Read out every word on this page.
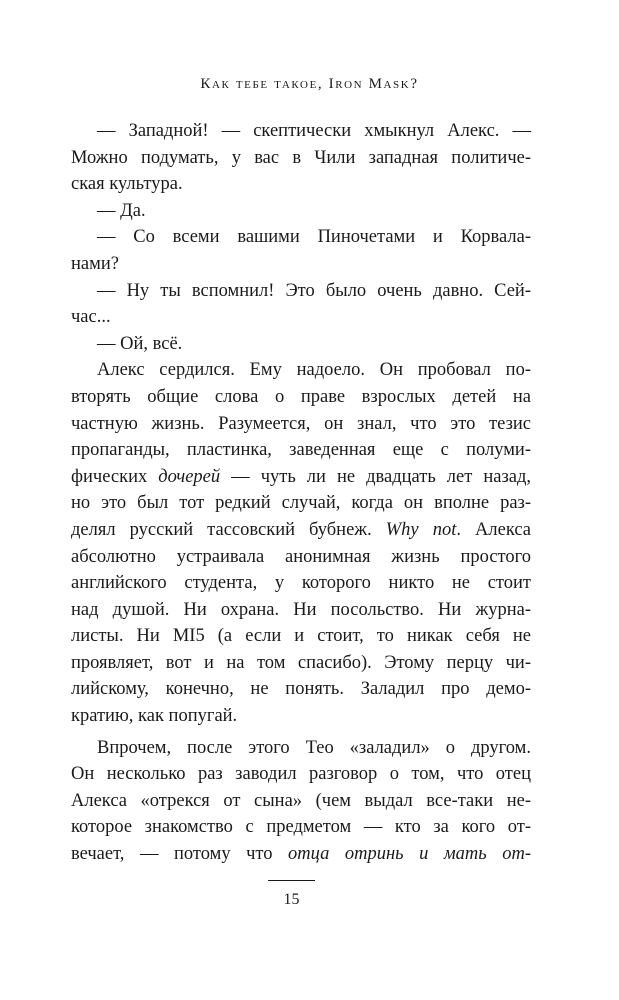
Как тебе такое, Iron Mask?
— Западной! — скептически хмыкнул Алекс. —
Можно подумать, у вас в Чили западная политиче-
ская культура.
— Да.
— Со всеми вашими Пиночетами и Корвала-
нами?
— Ну ты вспомнил! Это было очень давно. Сей-
час...
— Ой, всё.
Алекс сердился. Ему надоело. Он пробовал по-
вторять общие слова о праве взрослых детей на
частную жизнь. Разумеется, он знал, что это тезис
пропаганды, пластинка, заведенная еще с полуми-
фических дочерей — чуть ли не двадцать лет назад,
но это был тот редкий случай, когда он вполне раз-
делял русский тассовский бубнеж. Why not. Алекса
абсолютно устраивала анонимная жизнь простого
английского студента, у которого никто не стоит
над душой. Ни охрана. Ни посольство. Ни журна-
листы. Ни MI5 (а если и стоит, то никак себя не
проявляет, вот и на том спасибо). Этому перцу чи-
лийскому, конечно, не понять. Заладил про демо-
кратию, как попугай.
Впрочем, после этого Тео «заладил» о другом.
Он несколько раз заводил разговор о том, что отец
Алекса «отрекся от сына» (чем выдал все-таки не-
которое знакомство с предметом — кто за кого от-
вечает, — потому что отца отринь и мать от-
15
